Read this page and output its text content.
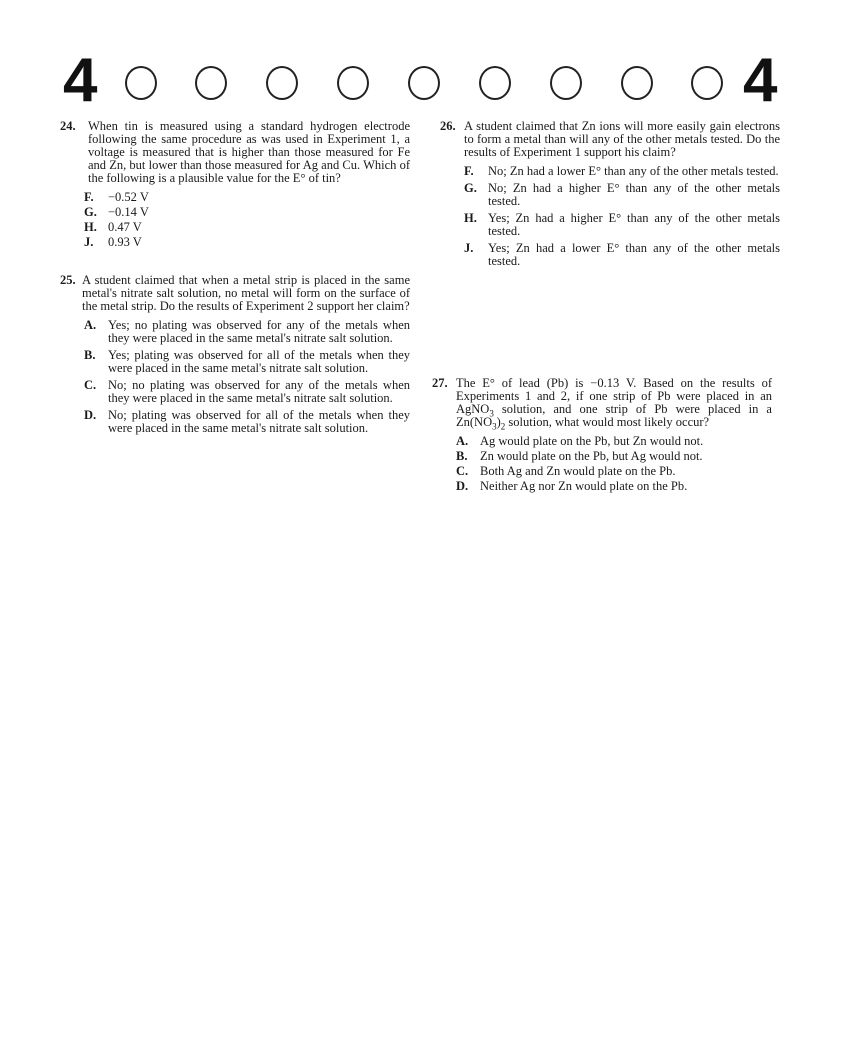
4	4
24. When tin is measured using a standard hydrogen electrode following the same procedure as was used in Experiment 1, a voltage is measured that is higher than those measured for Fe and Zn, but lower than those measured for Ag and Cu. Which of the following is a plausible value for the E° of tin?
F.	−0.52 V
G. −0.14 V
H. 0.47 V
J.	0.93 V
25. A student claimed that when a metal strip is placed in the same metal's nitrate salt solution, no metal will form on the surface of the metal strip. Do the results of Experiment 2 support her claim?
A. Yes; no plating was observed for any of the metals when they were placed in the same metal's nitrate salt solution.
B.	Yes; plating was observed for all of the metals when they were placed in the same metal's nitrate salt solution.
C. No; no plating was observed for any of the metals when they were placed in the same metal's nitrate salt solution.
D. No; plating was observed for all of the metals when they were placed in the same metal's nitrate salt solution.
26. A student claimed that Zn ions will more easily gain electrons to form a metal than will any of the other metals tested. Do the results of Experiment 1 support his claim?
F.	No; Zn had a lower E° than any of the other metals tested.
G. No; Zn had a higher E° than any of the other metals tested.
H. Yes; Zn had a higher E° than any of the other metals tested.
J.	Yes; Zn had a lower E° than any of the other metals tested.
27. The E° of lead (Pb) is −0.13 V. Based on the results of Experiments 1 and 2, if one strip of Pb were placed in an AgNO$_3$ solution, and one strip of Pb were placed in a $Zn(NO_3)_2$ solution, what would most likely occur?
A. Ag would plate on the Pb, but Zn would not.
B.	Zn would plate on the Pb, but Ag would not.
C. Both Ag and Zn would plate on the Pb.
D. Neither Ag nor Zn would plate on the Pb.
